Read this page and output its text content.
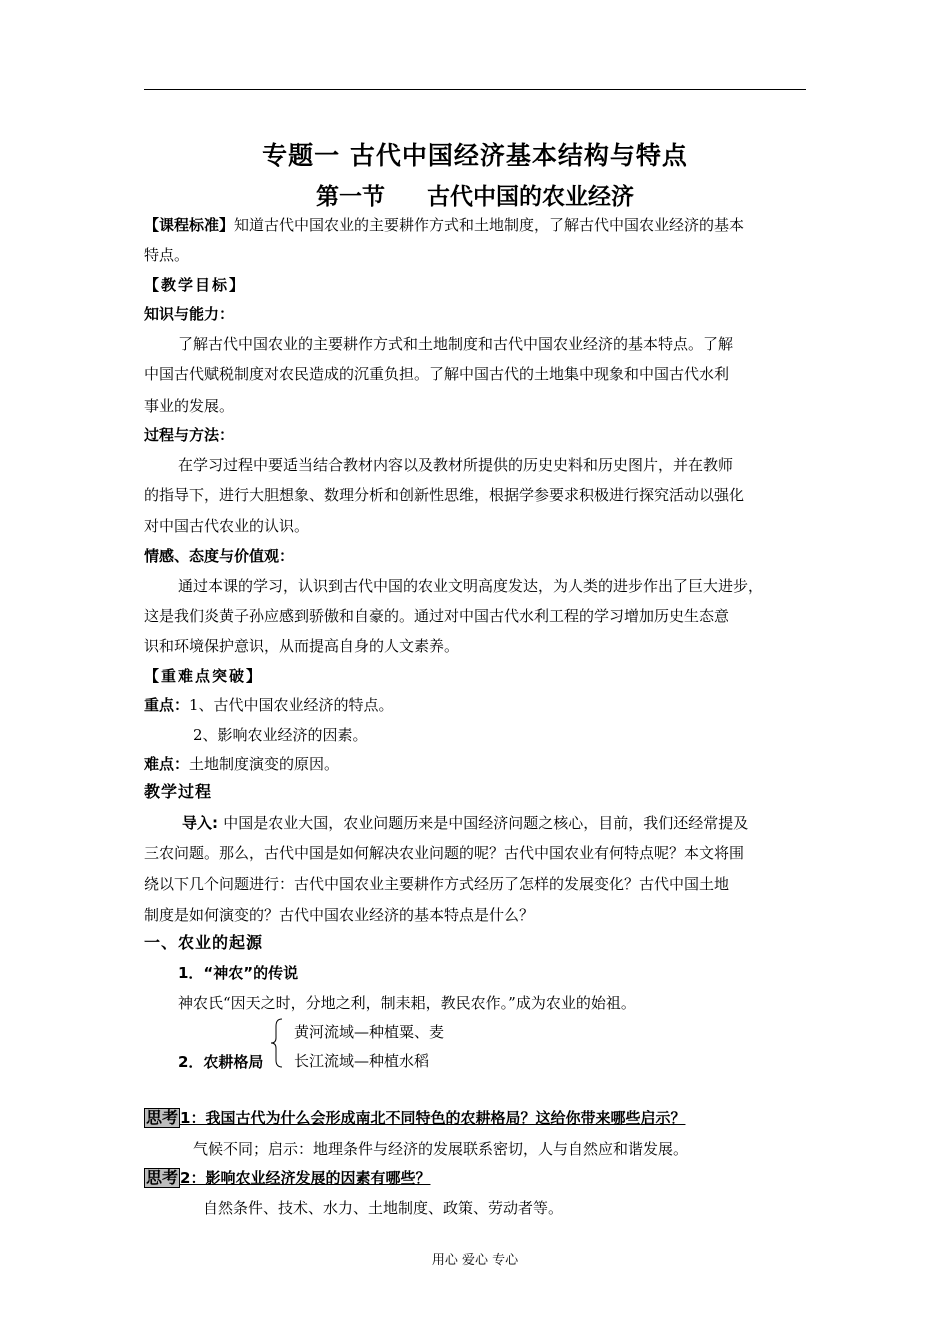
专题一 古代中国经济基本结构与特点
第一节 古代中国的农业经济
【课程标准】知道古代中国农业的主要耕作方式和土地制度，了解古代中国农业经济的基本
特点。
【教学目标】
知识与能力：
了解古代中国农业的主要耕作方式和土地制度和古代中国农业经济的基本特点。了解
中国古代赋税制度对农民造成的沉重负担。了解中国古代的土地集中现象和中国古代水利
事业的发展。
过程与方法：
在学习过程中要适当结合教材内容以及教材所提供的历史史料和历史图片，并在教师
的指导下，进行大胆想象、数理分析和创新性思维，根据学参要求积极进行探究活动以强化
对中国古代农业的认识。
情感、态度与价值观：
通过本课的学习，认识到古代中国的农业文明高度发达，为人类的进步作出了巨大进步，
这是我们炎黄子孙应感到骄傲和自豪的。通过对中国古代水利工程的学习增加历史生态意
识和环境保护意识，从而提高自身的人文素养。
【重难点突破】
重点：1、古代中国农业经济的特点。
2、影响农业经济的因素。
难点：土地制度演变的原因。
教学过程
导入: 中国是农业大国，农业问题历来是中国经济问题之核心，目前，我们还经常提及
三农问题。那么，古代中国是如何解决农业问题的呢？古代中国农业有何特点呢？本文将围
绕以下几个问题进行：古代中国农业主要耕作方式经历了怎样的发展变化？古代中国土地
制度是如何演变的？古代中国农业经济的基本特点是什么？
一、农业的起源
1．“神农”的传说
神农氏“因天之时，分地之利，制耒耜，教民农作。”成为农业的始祖。
黄河流域—种植粟、麦
2．农耕格局 长江流域—种植水稻
思考 1：我国古代为什么会形成南北不同特色的农耕格局？这给你带来哪些启示？
气候不同；启示：地理条件与经济的发展联系密切，人与自然应和谐发展。
思考 2：影响农业经济发展的因素有哪些？
自然条件、技术、水力、土地制度、政策、劳动者等。
用心 爱心 专心
